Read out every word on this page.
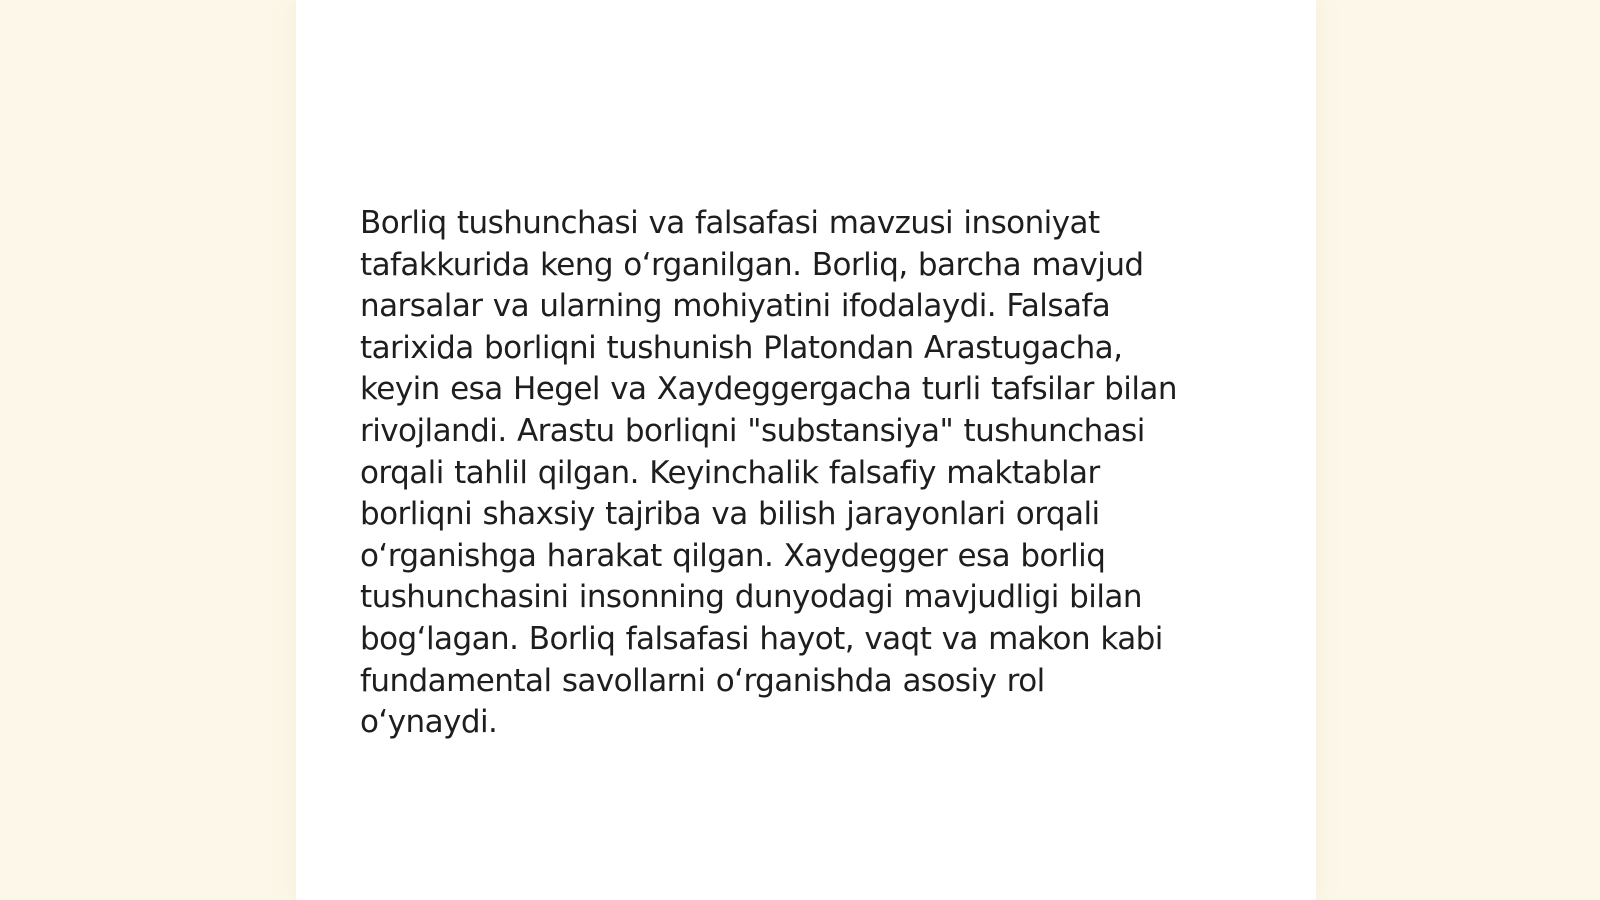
Borliq tushunchasi va falsafasi mavzusi insoniyat
tafakkurida keng o‘rganilgan. Borliq, barcha mavjud
narsalar va ularning mohiyatini ifodalaydi. Falsafa
tarixida borliqni tushunish Platondan Arastugacha,
keyin esa Hegel va Xaydeggergacha turli tafsilar bilan
rivojlandi. Arastu borliqni "substansiya" tushunchasi
orqali tahlil qilgan. Keyinchalik falsafiy maktablar
borliqni shaxsiy tajriba va bilish jarayonlari orqali
o‘rganishga harakat qilgan. Xaydegger esa borliq
tushunchasini insonning dunyodagi mavjudligi bilan
bog‘lagan. Borliq falsafasi hayot, vaqt va makon kabi
fundamental savollarni o‘rganishda asosiy rol
o‘ynaydi.
